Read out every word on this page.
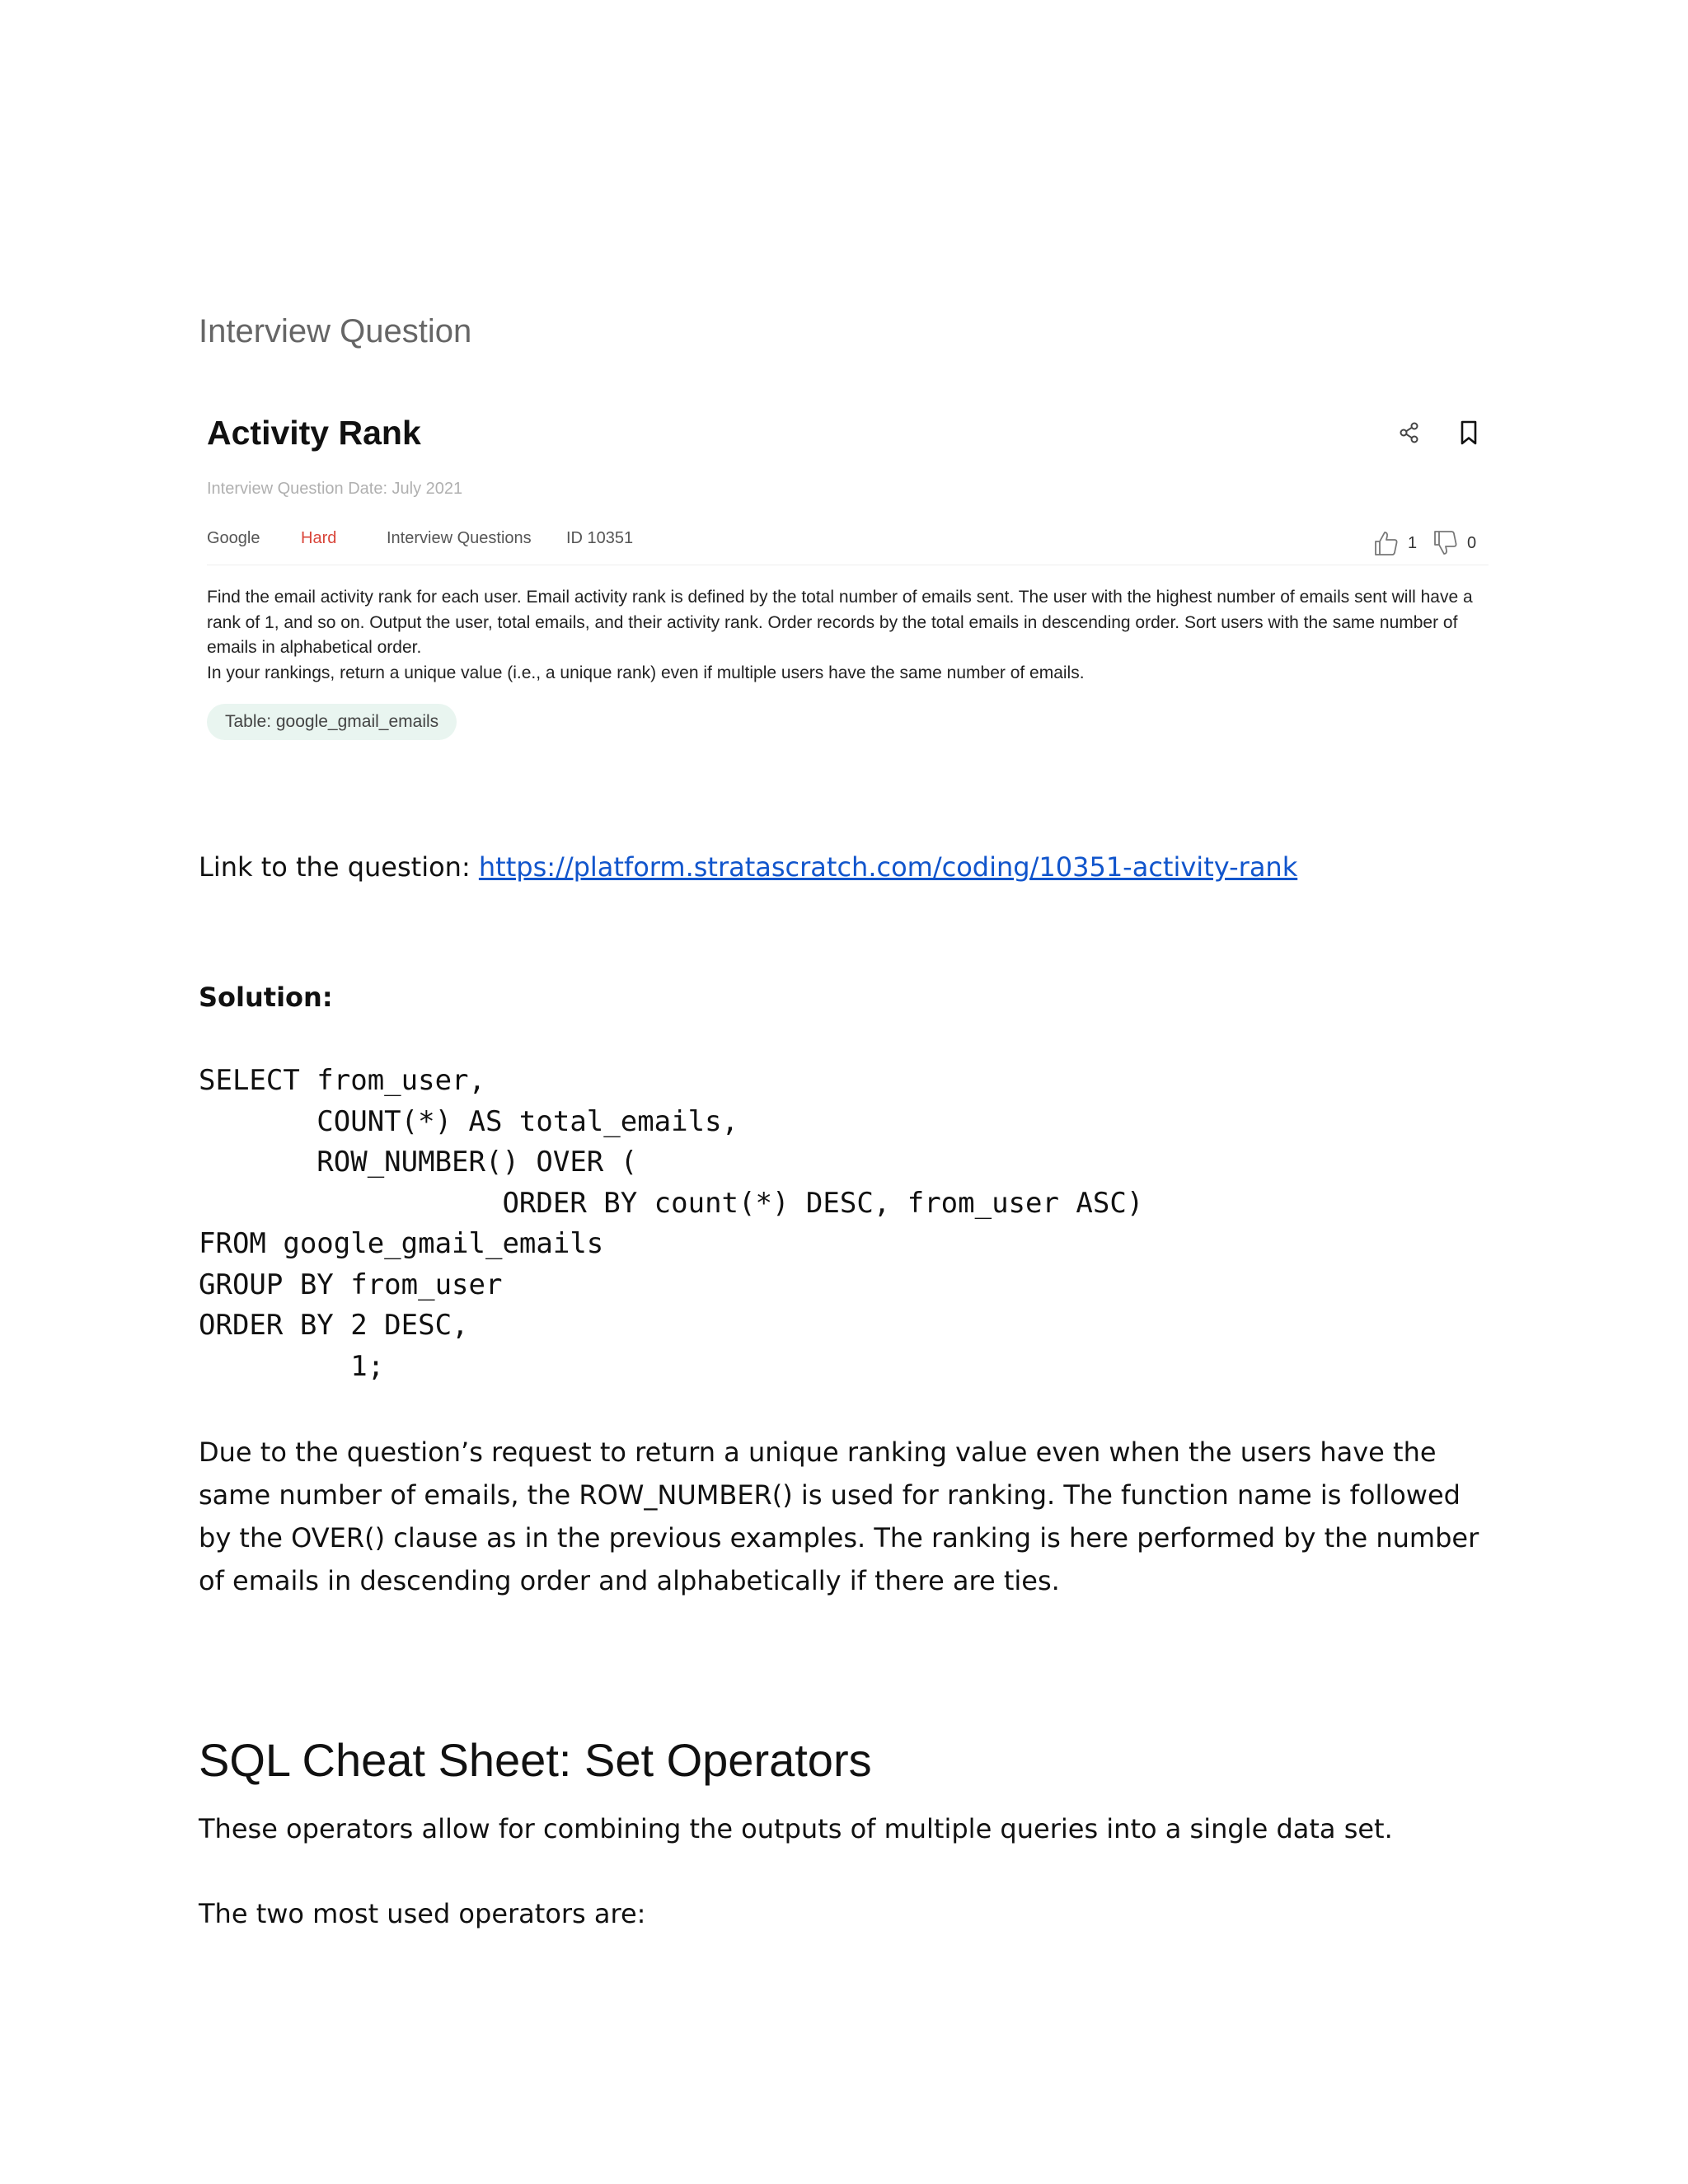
Interview Question
Activity Rank
Interview Question Date: July 2021
Google Hard	Interview Questions ID 10351	1	0

Find the email activity rank for each user. Email activity rank is defined by the total number of emails sent. The user with the highest number of emails sent will have a rank of 1, and so on. Output the user, total emails, and their activity rank. Order records by the total emails in descending order. Sort users with the same number of emails in alphabetical order.

In your rankings, return a unique value (i.e., a unique rank) even if multiple users have the same number of emails.

Table: google_gmail_emails
Link to the question: https://platform.stratascratch.com/coding/10351-activity-rank
Solution:
SELECT from_user,
COUNT(*) AS total_emails,
ROW_NUMBER() OVER (
ORDER BY count(*) DESC, from_user ASC)
FROM google_gmail_emails
GROUP BY from_user
ORDER BY 2 DESC,
1;
Due to the question’s request to return a unique ranking value even when the users have the same number of emails, the ROW_NUMBER() is used for ranking. The function name is followed by the OVER() clause as in the previous examples. The ranking is here performed by the number of emails in descending order and alphabetically if there are ties.
SQL Cheat Sheet: Set Operators
These operators allow for combining the outputs of multiple queries into a single data set.
The two most used operators are:
